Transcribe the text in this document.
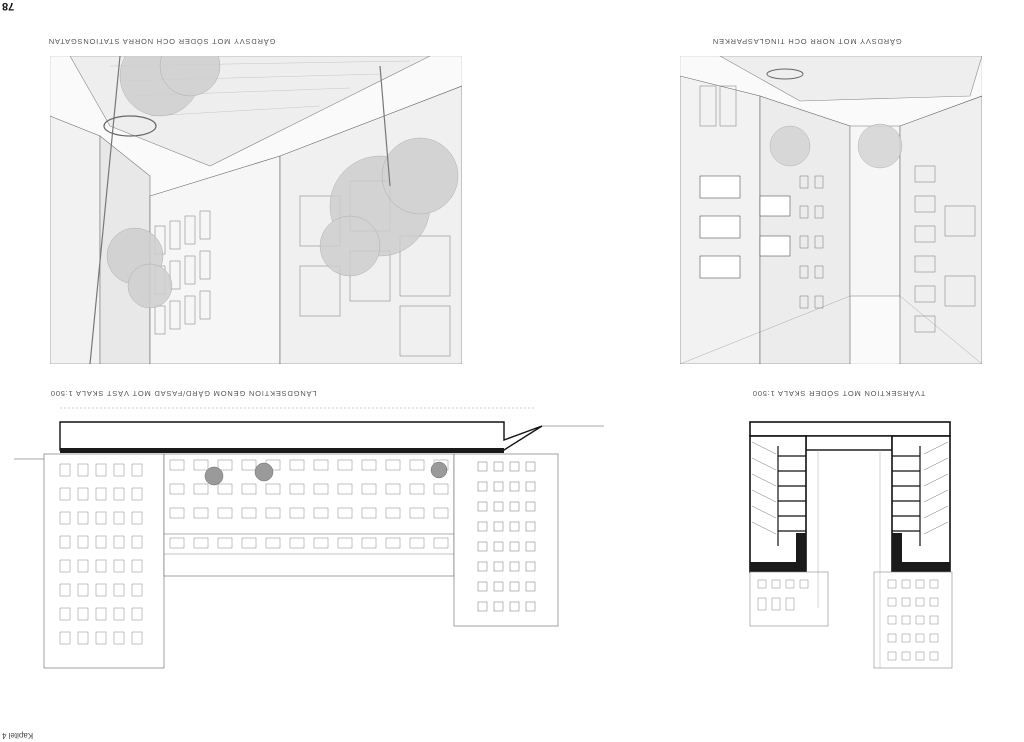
78
GÅRDSVY MOT SÖDER OCH NORRA STATIONSGATAN	GÅRDSVY MOT NORR OCH TINGLASPARKEN
LÄNGDSEKTION GENOM GÅRD/FASAD MOT VÄST SKALA 1:500	TVÄRSEKTION MOT SÖDER SKALA 1:500
Kapitel 4
